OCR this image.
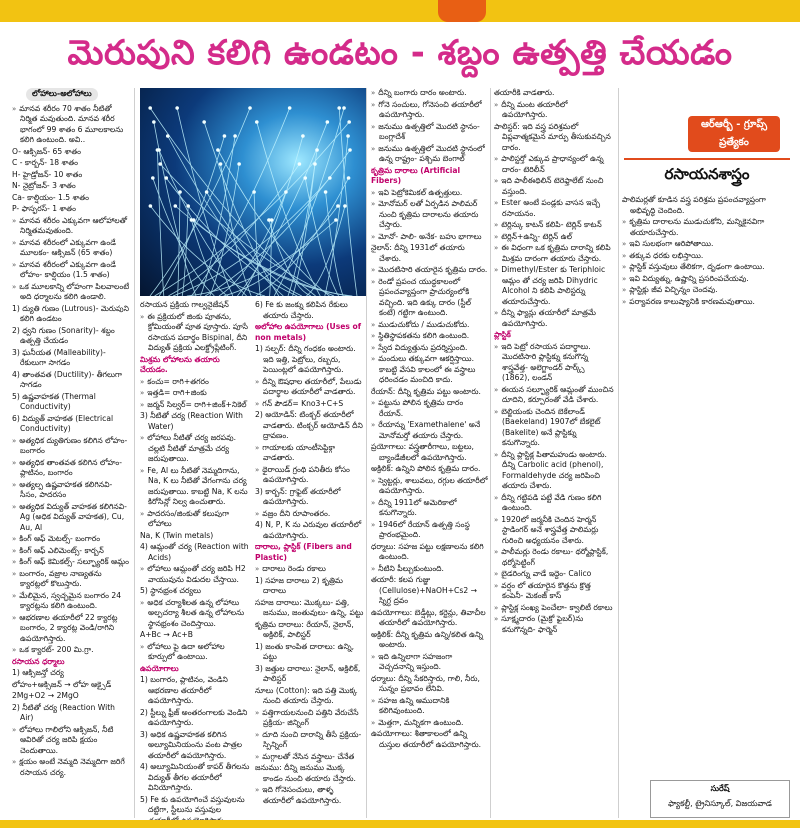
మెరుపుని కలిగి ఉండటం - శబ్దం ఉత్పత్తి చేయడం
లోహాలు-అలోహాలు

» మానవ శరీరం 70 శాతం నీటితో నిర్మిత మవుతుంది. మానవ శరీర భాగంలో 99 శాతం 6 మూలకాలను కలిగి ఉంటుంది. అవి..

O- ఆక్సిజన్- 65 శాతం

C - కార్బన్- 18 శాతం

H- హైడ్రోజన్- 10 శాతం

N- నైట్రోజన్- 3 శాతం

Ca- కాల్షియం- 1.5 శాతం

P- ఫాస్ఫరస్- 1 శాతం

» మానవ శరీరం ఎక్కువగా ఆలోహాలతో నిర్మితమవుతుంది.

» మానవ శరీరంలో ఎక్కువగా ఉండే మూలకం- ఆక్సిజన్ (65 శాతం)

» మానవ శరీరంలో ఎక్కువగా ఉండే లోహం- కాల్షియం (1.5 శాతం)

» ఒక మూలకాన్ని లోహంగా పిలవాలంటే అది ధర్మాలను కలిగి ఉండాలి.

1) ద్యుతి గుణం (Lutrous)- మెరుపుని కలిగి ఉండటం

2) ధ్వని గుణం (Sonarity)- శబ్దం ఉత్పత్తి చేయడం

3) ఘనీయత (Malleability)- రేకులుగా సాగడం

4) తాంతవత (Ductility)- తీగలుగా సాగడం

5) ఉష్ణవాహకత (Thermal Conductivity)

6) విద్యుత్ వాహకత (Electrical Conductivity)

» అత్యధిక ద్యుతిగుణం కలిగిన లోహం- బంగారం

» అత్యధిక తాంతవత కలిగిన లోహం- ప్లాటినం, బంగారం

» అత్యల్ప ఉష్ణవాహకత కలిగినవి- సీసం, పాదరసం

» అత్యధిక విద్యుత్ వాహకత కలిగినవి- Ag (అధిక విద్యుత్ వాహకత), Cu, Au, Al

» కింగ్ ఆఫ్ మెటల్స్- బంగారం

» కింగ్ ఆఫ్ ఎలిమెంట్స్- కార్బన్

» కింగ్ ఆఫ్ కెమికల్స్- సల్ఫ్యూరిక్ ఆమ్లం

» బంగారం, వజ్రాల నాణ్యతను క్యారట్లలో కొలుస్తారు.

» మేలిమైన, స్వచ్ఛమైన బంగారం 24 క్యారట్లను కలిగి ఉంటుంది.

» ఆభరణాల తయారీలో 22 క్యారట్ల బంగారం, 2 క్యారట్ల వెండి/రాగిని ఉపయోగిస్తారు.

» ఒక క్యారట్- 200 మి.గ్రా.

రసాయన ధర్మాలు

1) ఆక్సిజన్తో చర్య

లోహం+ఆక్సిజన్ → లోహ ఆక్సైడ్

2Mg+O2 → 2MgO

2) నీటితో చర్య (Reaction With Air)

» లోహాలు గాలిలోని ఆక్సిజన్, నీటి ఆవిరితో చర్య జరిపి క్షయం చెందుతాయి.

» క్షయం అంటే నెమ్మది నెమ్మదిగా జరిగే రసాయన చర్య.

రసాయన ప్రక్రియ గాల్వనైజేషన్

» ఈ ప్రక్రియలో జింకు పూతను, క్రోమియంతో పూత పూస్తారు. పూసే రసాయన పదార్థం Bispinal, దీని విద్యుత్ ప్రక్రియ ఎలక్ట్రోప్లేటింగ్.

మిశ్రమ లోహాలను తయారు చేయడం.

» కంచు= రాగి+తగరం

» ఇత్తడి= రాగి+జింకు

» జర్మన్ సిల్వర్= రాగి+జింక్+నికెల్

3) నీటితో చర్య (Reaction With Water)

» లోహాలు నీటితో చర్య జరపవు. చల్లటి నీటితో మాత్రమే చర్య జరుపుతాయి.

» Fe, Al లు నీటితో నెమ్మదిగాను, Na, K లు నీటితో వేగంగాను చర్య జరుపుతాయి. కాబట్టి Na, K లను కిరోసిన్లో నిల్వ ఉంచుతారు.

» పాదరసం/జింకుతో కలుపుగా లోహాలు

Na, K (Twin metals)

4) ఆమ్లంతో చర్య (Reaction with Acids)

» లోహాలు ఆమ్లంతో చర్య జరిపి H2 వాయువును విడుదల చేస్తాయి.

5) స్థానభ్రంశ చర్యలు

» అధిక చర్యాశీలత ఉన్న లోహాలు అల్పచర్యా శీలత ఉన్న లోహాలను స్థానభ్రంశం చెందిస్తాయి.

A+Bc → Ac+B

» లోహాలు పై ఉదా అలోహాల కూర్పులో ఉంటాయి.

ఉపయోగాలు

1) బంగారం, ప్లాటినం, వెండిని ఆభరణాల తయారీలో ఉపయోగిస్తారు.

2) స్టీల్ను ఫ్రీజ్ అంతరంగాలకు వెండిని ఉపయోగిస్తారు.

3) అధిక ఉష్ణవాహకత కలిగిన అల్యూమినియంను వంట పాత్రల తయారీలో ఉపయోగిస్తారు.

4) అల్యూమినియంతో కాపర్ తీగలను విద్యుత్ తీగల తయారీలో వినియోగిస్తారు.

5) Fe కు ఉపయోగించే వస్తువులను దట్టిగా, స్టీలును వస్తువుల

6) Fe కు జంక్ను కలిపిన రేకులు తయారు చేస్తారు.

అలోహాల ఉపయోగాలు (Uses of non metals)

1) సల్ఫర్: దీన్ని గంధకం అంటారు. ఇది ఇత్తి, పెట్రోలు, రబ్బరు, పెయింట్లలో ఉపయోగిస్తారు.

» దీన్ని ఔషధాల తయారీలో, పేలుడు పదార్థాల తయారీలో వాడతారు.

» గన్ పౌడర్= Kno3+C+S

2) అయోడిన్: టింక్చర్ తయారీలో వాడతారు. టింక్చర్ అయోడిన్ దీని ద్రావణం.

» గాయాలకు యాంటీసెప్టిక్గా వాడతారు.

» థైరాయిడ్ గ్రంథి పనితీరు కోసం ఉపయోగిస్తారు.

3) కార్బన్: గ్రాఫైట్ తయారీలో ఉపయోగిస్తారు.

» వజ్రం దీని రూపాంతరం.

4) N, P, K ను ఎరువుల తయారీలో ఉపయోగిస్తారు.

దారాలు, ప్లాస్టిక్ (Fibers and Plastic)

» దారాలు రెండు రకాలు

1) సహజ దారాలు 2) కృత్రిమ దారాలు

సహజ దారాలు: మొక్కలు- పత్తి, జనుము, జంతువులు- ఉన్ని, పట్టు

కృత్రిమ దారాలు: రేయాన్, నైలాన్, అక్రిలిక్, పాలిస్టర్

1) జంతు కాంపిత దారాలు: ఉన్ని, పట్టు

3) జత్తుల దారాలు: నైలాన్, అక్రిలిక్, పాలిస్టర్

నూలు (Cotton): ఇది పత్తి మొక్క నుంచి తయారు చేస్తారు.

» పత్తిగాయలనుంచి పత్తిని వేరుచేసే ప్రక్రియ- జిన్నింగ్

» దూది నుంచి దారాన్ని తీసే ప్రక్రియ- స్పిన్నింగ్

» మగ్గాలతో నేసిన వస్త్రాలు- చేనేత

జనుము: దీన్ని జనుము మొక్క కాండం నుంచి తయారు చేస్తారు.

» ఇది గోనెసంచులు, తాళ్ళ తయారీలో ఉపయోగిస్తారు.

» దీన్ని బంగారు దారం అంటారు.

» గోనె సంచులు, గోనెసంచి తయారీలో ఉపయోగిస్తారు.

» జనుము ఉత్పత్తిలో మొదటి స్థానం- బంగ్లాదేశ్

» జనుము ఉత్పత్తిలో మొదటి స్థానంలో ఉన్న రాష్ట్రం- పశ్చిమ బెంగాల్

కృత్రిమ దారాలు (Artificial Fibers)

» ఇవి పెట్రోకెమికల్ ఉత్పత్తులు.

» మోనోమర్ లతో ఏర్పడిన పాలిమర్ నుంచి కృత్రిమ దారాలను తయారు చేస్తారు.

» మోనో- పాలి- అనేక- బహు భాగాలు

నైలాన్: దీన్ని 1931లో తయారు చేశారు.

» మొదటిసారి తయారైన కృత్రిమ దారం.

» రెండో ప్రపంచ యుద్ధకాలంలో ప్రపంచవ్యాప్తంగా ప్రాచుర్యంలోకి వచ్చింది. ఇది ఉక్కు దారం (స్టీల్ కంటే) గట్టిగా ఉంటుంది.

» ముడుచుకోదు / ముడుచుకోదు.

» స్థితిస్థాపకతను కలిగి ఉంటుంది.

» స్వేద విద్యుత్తును ప్రదర్శిస్తుంది.

» మందులు తక్కువగా ఆకర్షిస్తాయి. కాబట్టి వేసవి కాలంలో ఈ వస్త్రాలు ధరించడం మంచిది కాదు.

రేయాన్: దీన్ని కృత్రిమ పట్టు అంటారు.

» పట్టును పోలిన కృత్రిమ దారం రేయాన్.

» రేయాన్ను 'Examethalene' అనే మోనోమర్తో తయారు చేస్తారు.

ప్రయోగాలు: వస్త్రతారీగాలు, బట్టలు, బ్యాండేజీలలో ఉపయోగిస్తారు.

అక్రిలిక్: ఉన్నిని పోలిన కృత్రిమ దారం.

» స్వెట్టర్లు, శాలువలు, రగ్గుల తయారీలో ఉపయోగిస్తారు.

» దీన్ని 1911లో అమెరికాలో కనుగొన్నారు.

» 1946లో రేయాన్ ఉత్పత్తి సంస్థ ప్రారంభమైంది.

ధర్మాలు: సహజ పట్టు లక్షణాలను కలిగి ఉంటుంది.

» నీటిని పీల్చుకుంటుంది.

తయారీ: కలప గుజ్జు (Cellulose)+NaOH+Cs2 → స్నిగ్ధ ద్రవం

ఉపయోగాలు: బెడ్షీట్లు, కర్టెన్లు, తివాచీల తయారీలో ఉపయోగిస్తారు.

అక్రిలిక్: దీన్ని కృత్రిమ ఉన్ని/కలిత ఉన్ని అంటారు.

» ఇది ఉన్నిలాగా సహజంగా వెచ్చదనాన్ని ఇస్తుంది.

ధర్మాలు: దీన్ని సేకరిస్తారు, గాలి, నీరు, సున్నం ప్రభావం లేనివి.

» సహజ ఉన్ని ఆముదానికి కలిగివుంటుంది.

» మెత్తగా, మన్నికగా ఉంటుంది.

ఉపయోగాలు: శీతాకాలంలో ఉన్ని దుస్తుల తయారీలో ఉపయోగిస్తారు.

తయారీకి వాడతారు.

» దీన్ని మంట తయారీలో ఉపయోగిస్తారు.

పాలిస్టర్: ఇది వస్త్ర పరిశ్రమలో విప్లవాత్మకమైన మార్పు తీసుకువచ్చిన దారం.

» పాలిస్టర్తో ఎక్కువ ప్రాధాన్యంలో ఉన్న దారం- టెరిలీన్

» ఇది పాలీఈథిలిన్ టెరెఫ్తాలేట్ నుంచి వస్తుంది.

» Ester అంటే పండ్లకు వాసన ఇచ్చే రసాయనం.

» టెర్లిన్కు కాటన్ కలిపి- టెర్లిన్ కాటన్

» టెర్లిన్+ఉన్ని- టెర్లిన్ ఉల్

» ఈ విధంగా ఒక కృత్రిమ దారాన్ని కలిపి మిశ్రమ దారంగా తయారు చేస్తారు.

» Dimethyl/Ester కు Teriphloic ఆమ్లం తో చర్య జరిపి Dihydric Alcohol ని కలిపి పాలిస్టర్ను తయారుచేస్తారు.

» దీన్ని ఫ్యాన్లు తయారీలో మాత్రమే ఉపయోగిస్తారు.

ప్లాస్టిక్

» ఇది పెట్రో రసాయన పదార్థాలు. మొదటిసారి ప్లాస్టిక్ను కనుగొన్న శాస్త్రవేత్త- అలెగ్జాండర్ పార్క్స్ (1862), లండన్

» ఈయన సల్ఫ్యూరిక్ ఆమ్లంతో ముంచిన దూదిని, కర్పూరంతో వేడి చేశారు.

» బెల్జియంకు చెందిన బెకేలాండ్ (Baekeland) 1907లో బేకలైట్ (Bakelite) అనే ప్లాస్టిక్ను కనుగొన్నారు.

» దీన్ని ప్లాస్టిక్ల పితామహుడు అంటారు. దీన్ని Carbolic acid (phenol), Formaldehyde చర్య జరిపించి తయారు చేశారు.

» దీన్ని గట్టిపడి పట్టే వేడి గుణం కలిగి ఉంటుంది.

» 1920లో జర్మనీకి చెందిన హెర్మన్ స్టాడింగర్ అనే శాస్త్రవేత్త పాలిమర్లు గురించి అధ్యయనం చేశారు.

» పాలీమర్లు రెండు రకాలు- థర్మోప్లాస్టిక్, థర్మోసెట్టింగ్

» బైడరింగ్ను వాడే ఇద్దెం- Calico

» వర్షం లో తయారైన కొత్తను క్రొత్త కంపెనీ- మెకంజ్ కాస్

» ప్లాస్టిక్ల సంఖ్య పెంచేలా- క్వాలిటీ రకాలు

» సూక్ష్మదారం (మైక్రో ఫైబర్)ను కనుగొన్నది- ఫార్మెన్

ఆర్ఆర్బీ - గ్రూప్స్ ప్రత్యేకం
రసాయనశాస్త్రం

పాలిమర్లతో కూడిన వస్త్ర పరిశ్రమ ప్రపంచవ్యాప్తంగా అభివృద్ధి చెందింది.

» కృత్రిమ దారాలను ముడుచుకోని, మన్నికైనవిగా తయారుచేస్తారు.

» ఇవి సులభంగా ఆరిపోతాయి.

» తక్కువ ధరకు లభిస్తాయి.

» ప్లాస్టిక్ వస్తువులు తేలికగా, దృఢంగా ఉంటాయి.

» ఇవి విద్యుత్ను, ఉష్ణాన్ని ప్రసరింపచేయవు.

» ప్లాస్టిక్లు జీవ విచ్ఛిన్నం చెందవు.

» పర్యావరణ కాలుష్యానికి కారణమవుతాయి.

సురేష్
ఫ్యాకల్టీ, ట్రైనిస్కూల్, విజయవాడ
